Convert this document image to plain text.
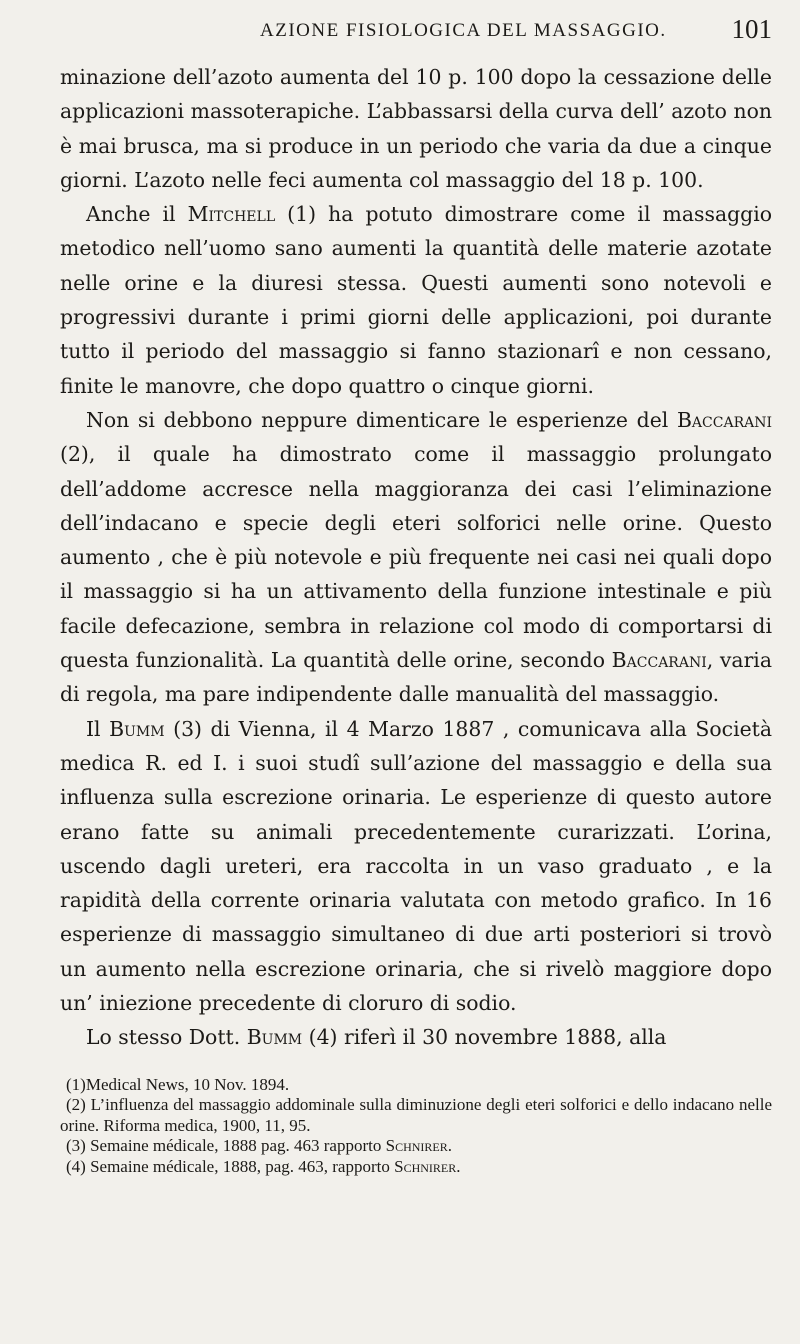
AZIONE FISIOLOGICA DEL MASSAGGIO. 101

minazione dell’azoto aumenta del 10 p. 100 dopo la cessazione delle applicazioni massoterapiche. L’abbassarsi della curva dell’ azoto non è mai brusca, ma si produce in un periodo che varia da due a cinque giorni. L’azoto nelle feci aumenta col massaggio del 18 p. 100.

Anche il Mitchell (1) ha potuto dimostrare come il massaggio metodico nell’uomo sano aumenti la quantità delle materie azotate nelle orine e la diuresi stessa. Questi aumenti sono notevoli e progressivi durante i primi giorni delle applicazioni, poi durante tutto il periodo del massaggio si fanno stazionarî e non cessano, finite le manovre, che dopo quattro o cinque giorni.

Non si debbono neppure dimenticare le esperienze del Baccarani (2), il quale ha dimostrato come il massaggio prolungato dell’addome accresce nella maggioranza dei casi l’eliminazione dell’indacano e specie degli eteri solforici nelle orine. Questo aumento , che è più notevole e più frequente nei casi nei quali dopo il massaggio si ha un attivamento della funzione intestinale e più facile defecazione, sembra in relazione col modo di comportarsi di questa funzionalità. La quantità delle orine, secondo Baccarani, varia di regola, ma pare indipendente dalle manualità del massaggio.

Il Bumm (3) di Vienna, il 4 Marzo 1887 , comunicava alla Società medica R. ed I. i suoi studî sull’azione del massaggio e della sua influenza sulla escrezione orinaria. Le esperienze di questo autore erano fatte su animali precedentemente curarizzati. L’orina, uscendo dagli ureteri, era raccolta in un vaso graduato , e la rapidità della corrente orinaria valutata con metodo grafico. In 16 esperienze di massaggio simultaneo di due arti posteriori si trovò un aumento nella escrezione orinaria, che si rivelò maggiore dopo un’ iniezione precedente di cloruro di sodio.

Lo stesso Dott. Bumm (4) riferì il 30 novembre 1888, alla

(1)Medical News, 10 Nov. 1894.

(2) L’influenza del massaggio addominale sulla diminuzione degli eteri solforici e dello indacano nelle orine. Riforma medica, 1900, 11, 95.

(3) Semaine médicale, 1888 pag. 463 rapporto Schnirer.

(4) Semaine médicale, 1888, pag. 463, rapporto Schnirer.
